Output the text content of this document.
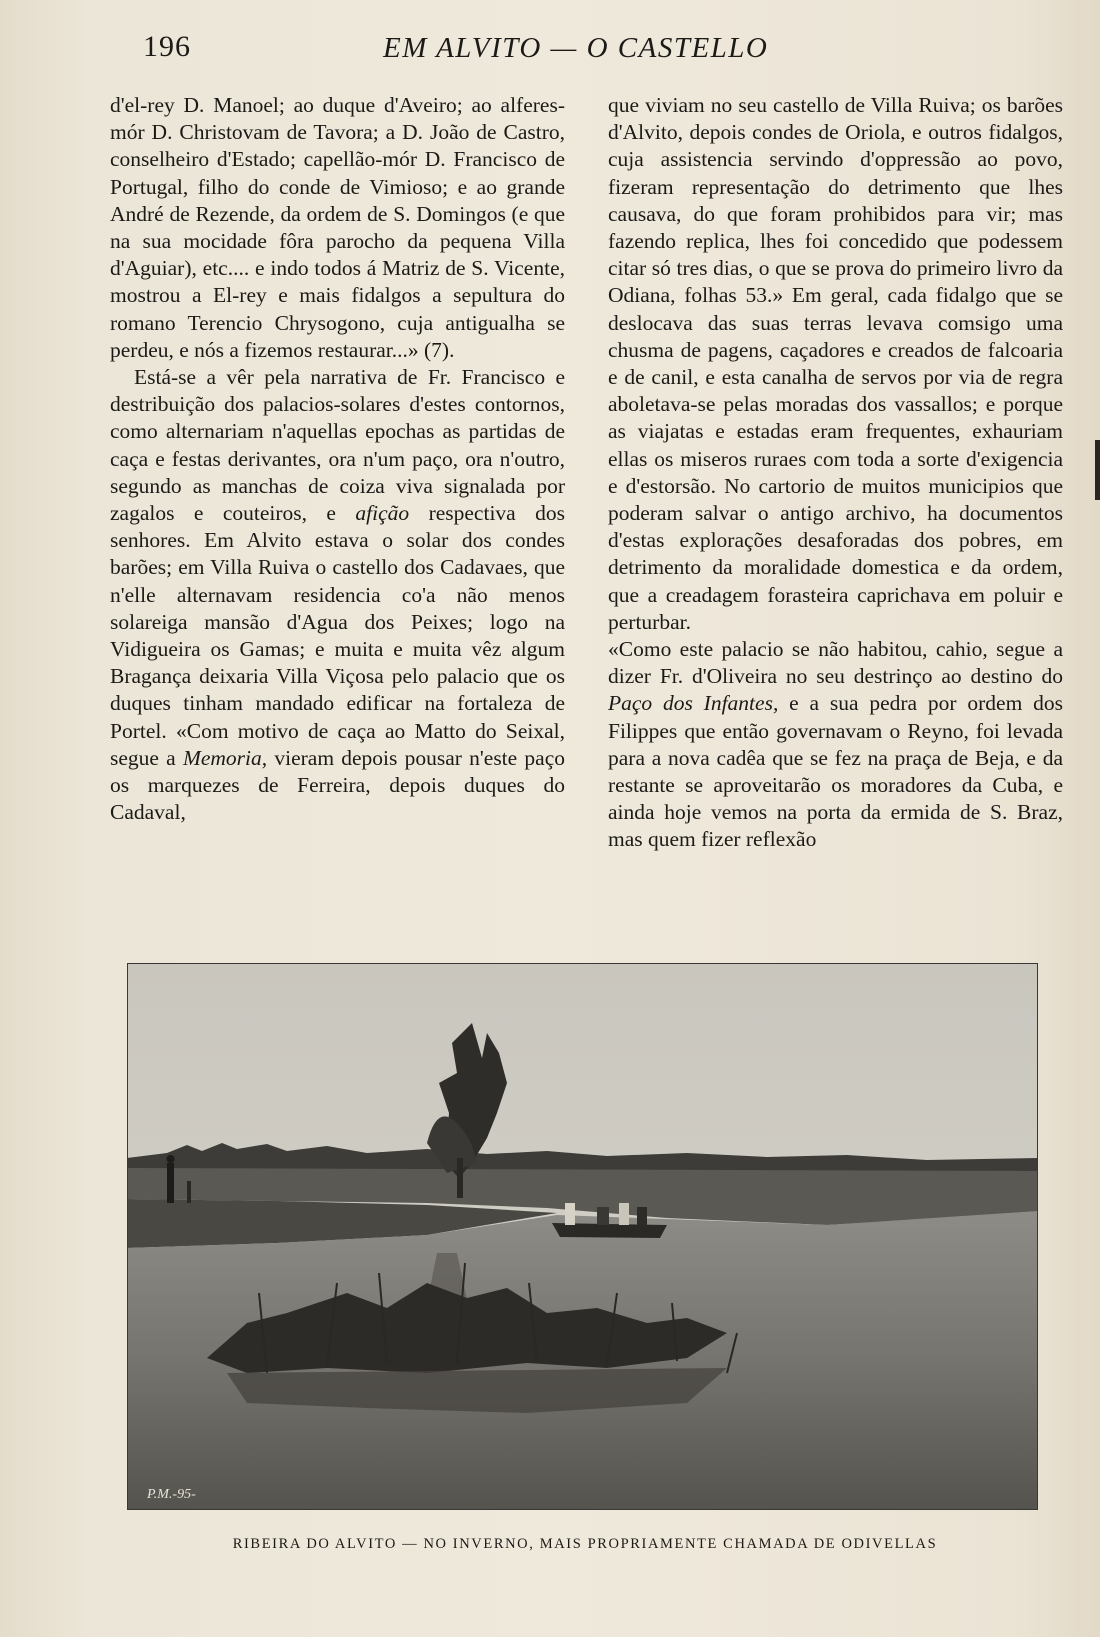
196	EM ALVITO — O CASTELLO

d'el-rey D. Manoel; ao duque d'Aveiro; ao alferes-mór D. Christovam de Tavora; a D. João de Castro, conselheiro d'Estado; capellão-mór D. Francisco de Portugal, filho do conde de Vimioso; e ao grande André de Rezende, da ordem de S. Domingos (e que na sua mocidade fôra parocho da pequena Villa d'Aguiar), etc.... e indo todos á Matriz de S. Vicente, mostrou a El-rey e mais fidalgos a sepultura do romano Terencio Chrysogono, cuja antigualha se perdeu, e nós a fizemos restaurar...» (7).

Está-se a vêr pela narrativa de Fr. Francisco e destribuição dos palacios-solares d'estes contornos, como alternariam n'aquellas epochas as partidas de caça e festas derivantes, ora n'um paço, ora n'outro, segundo as manchas de coiza viva signalada por zagalos e couteiros, e afição respectiva dos senhores. Em Alvito estava o solar dos condes barões; em Villa Ruiva o castello dos Cadavaes, que n'elle alternavam residencia co'a não menos solareiga mansão d'Agua dos Peixes; logo na Vidigueira os Gamas; e muita e muita vêz algum Bragança deixaria Villa Viçosa pelo palacio que os duques tinham mandado edificar na fortaleza de Portel. «Com motivo de caça ao Matto do Seixal, segue a Memoria, vieram depois pousar n'este paço os marquezes de Ferreira, depois duques do Cadaval,

que viviam no seu castello de Villa Ruiva; os barões d'Alvito, depois condes de Oriola, e outros fidalgos, cuja assistencia servindo d'oppressão ao povo, fizeram representação do detrimento que lhes causava, do que foram prohibidos para vir; mas fazendo replica, lhes foi concedido que podessem citar só tres dias, o que se prova do primeiro livro da Odiana, folhas 53.» Em geral, cada fidalgo que se deslocava das suas terras levava comsigo uma chusma de pagens, caçadores e creados de falcoaria e de canil, e esta canalha de servos por via de regra aboletava-se pelas moradas dos vassallos; e porque as viajatas e estadas eram frequentes, exhauriam ellas os miseros ruraes com toda a sorte d'exigencia e d'estorsão. No cartorio de muitos municipios que poderam salvar o antigo archivo, ha documentos d'estas explorações desaforadas dos pobres, em detrimento da moralidade domestica e da ordem, que a creadagem forasteira caprichava em poluir e perturbar.

«Como este palacio se não habitou, cahio, segue a dizer Fr. d'Oliveira no seu destrinço ao destino do Paço dos Infantes, e a sua pedra por ordem dos Filippes que então governavam o Reyno, foi levada para a nova cadêa que se fez na praça de Beja, e da restante se aproveitarão os moradores da Cuba, e ainda hoje vemos na porta da ermida de S. Braz, mas quem fizer reflexão

P.M.-95-
RIBEIRA DO ALVITO — NO INVERNO, MAIS PROPRIAMENTE CHAMADA DE ODIVELLAS
